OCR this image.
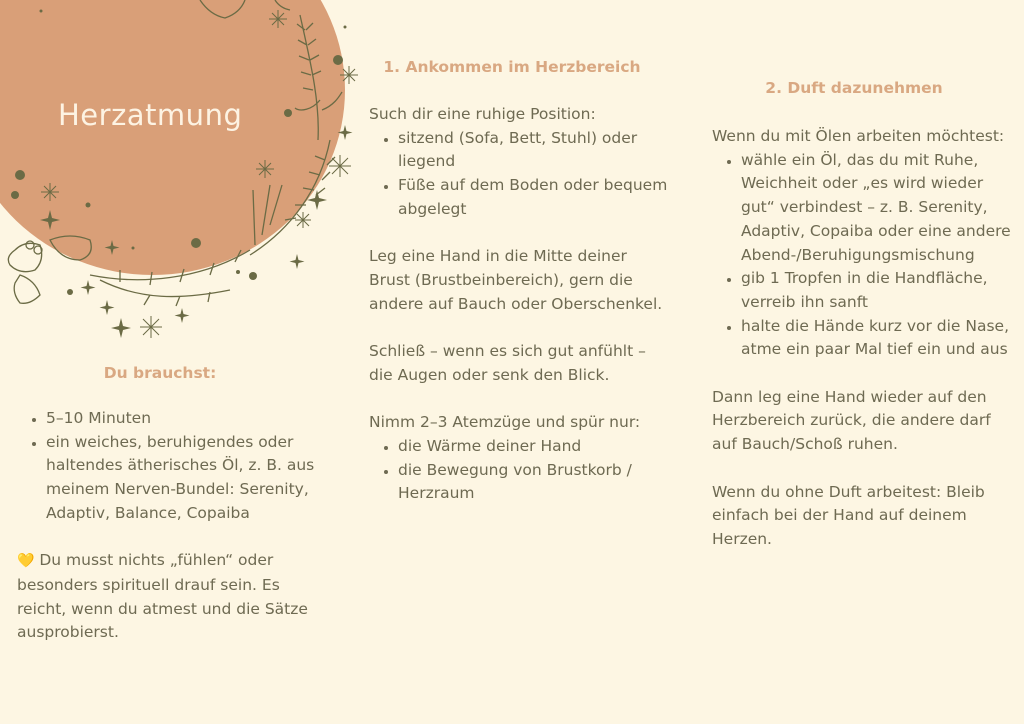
Herzatmung
Du brauchst:
• 5–10 Minuten
• ein weiches, beruhigendes oder haltendes ätherisches Öl, z. B. aus meinem Nerven-Bundel: Serenity, Adaptiv, Balance, Copaiba

💛 Du musst nichts „fühlen“ oder besonders spirituell drauf sein. Es reicht, wenn du atmest und die Sätze ausprobierst.

1. Ankommen im Herzbereich

Such dir eine ruhige Position:

• sitzend (Sofa, Bett, Stuhl) oder liegend
• Füße auf dem Boden oder bequem abgelegt

Leg eine Hand in die Mitte deiner Brust (Brustbeinbereich), gern die andere auf Bauch oder Oberschenkel.

Schließ – wenn es sich gut anfühlt – die Augen oder senk den Blick.

Nimm 2–3 Atemzüge und spür nur:

• die Wärme deiner Hand
• die Bewegung von Brustkorb / Herzraum
2. Duft dazunehmen

Wenn du mit Ölen arbeiten möchtest:

• wähle ein Öl, das du mit Ruhe, Weichheit oder „es wird wieder gut“ verbindest – z. B. Serenity, Adaptiv, Copaiba oder eine andere Abend-/Beruhigungsmischung
• gib 1 Tropfen in die Handfläche, verreib ihn sanft
• halte die Hände kurz vor die Nase, atme ein paar Mal tief ein und aus

Dann leg eine Hand wieder auf den Herzbereich zurück, die andere darf auf Bauch/Schoß ruhen.

Wenn du ohne Duft arbeitest: Bleib einfach bei der Hand auf deinem Herzen.
